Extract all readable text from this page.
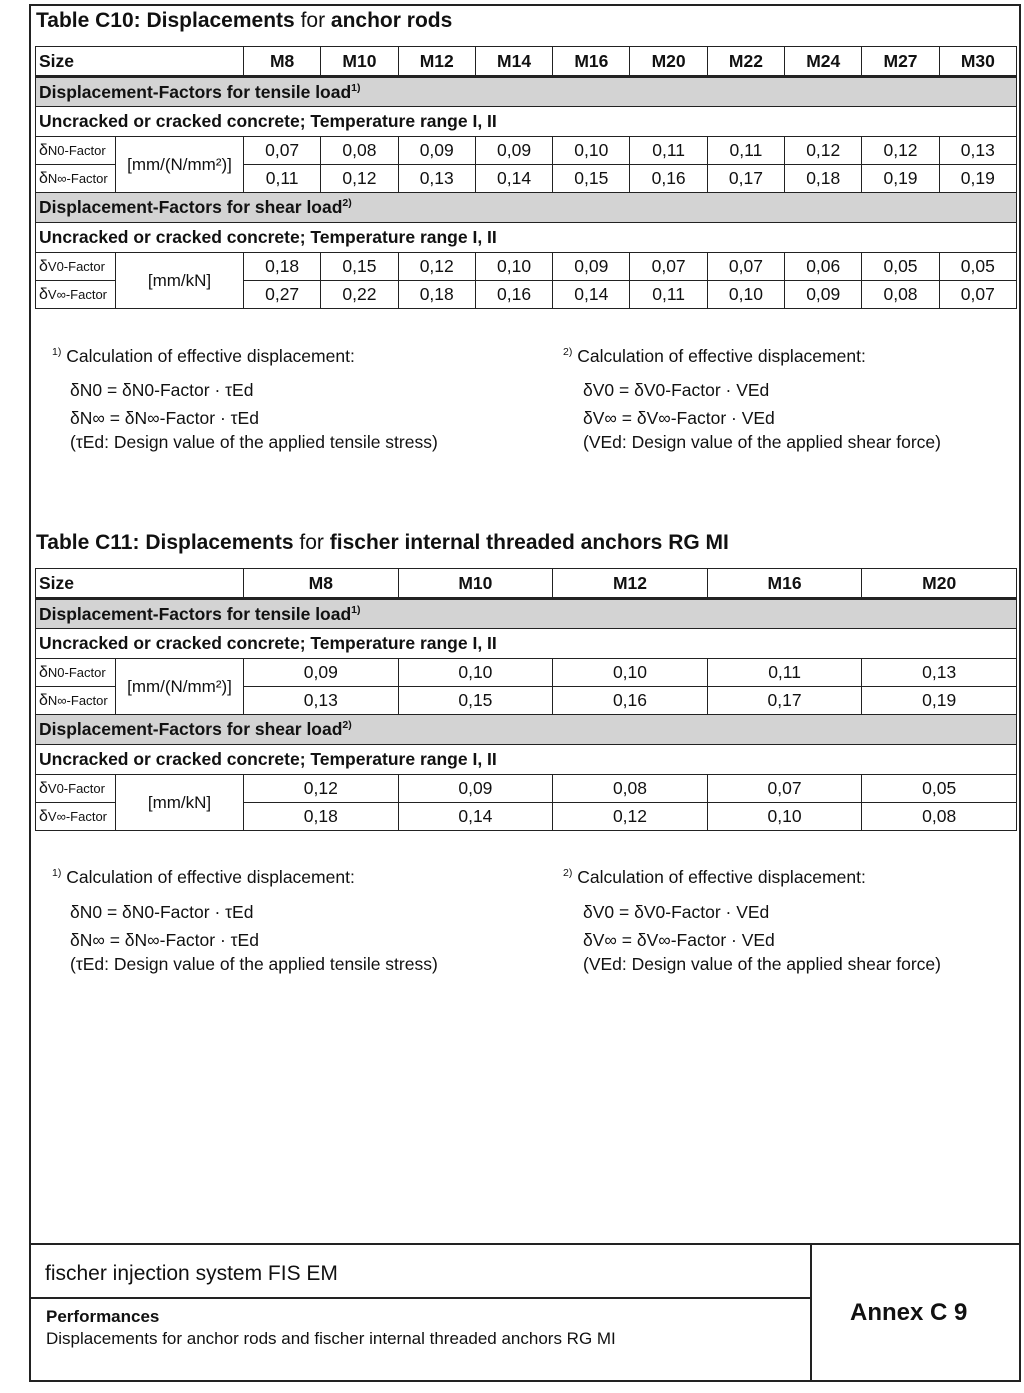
Table C10: Displacements for anchor rods
Size		M8	M10	M12	M14	M16	M20	M22	M24	M27	M30
Displacement-Factors for tensile load$^{1)}$
Uncracked or cracked concrete; Temperature range I, II											
δN0-Factor	[mm/(N/mm²)]	0,07	0,08	0,09	0,09	0,10	0,11	0,11	0,12	0,12	0,13
δN∞-Factor		0,11	0,12	0,13	0,14	0,15	0,16	0,17	0,18	0,19	0,19
Displacement-Factors for shear load$^{2)}$
Uncracked or cracked concrete; Temperature range I, II											
δV0-Factor	[mm/kN]	0,18	0,15	0,12	0,10	0,09	0,07	0,07	0,06	0,05	0,05
δV∞-Factor		0,27	0,22	0,18	0,16	0,14	0,11	0,10	0,09	0,08	0,07
$^{1)}$ Calculation of effective displacement:
δN0 = δN0-Factor · τEd
δN∞ = δN∞-Factor · τEd
(τEd: Design value of the applied tensile stress)
$^{2)}$ Calculation of effective displacement:
δV0 = δV0-Factor · VEd
δV∞ = δV∞-Factor · VEd
(VEd: Design value of the applied shear force)
Table C11: Displacements for fischer internal threaded anchors RG MI
Size		M8	M10	M12	M16	M20
Displacement-Factors for tensile load$^{1)}$
Uncracked or cracked concrete; Temperature range I, II						
δN0-Factor	[mm/(N/mm²)]	0,09	0,10	0,10	0,11	0,13
δN∞-Factor		0,13	0,15	0,16	0,17	0,19
Displacement-Factors for shear load$^{2)}$
Uncracked or cracked concrete; Temperature range I, II						
δV0-Factor	[mm/kN]	0,12	0,09	0,08	0,07	0,05
δV∞-Factor		0,18	0,14	0,12	0,10	0,08
$^{1)}$ Calculation of effective displacement:
δN0 = δN0-Factor · τEd
δN∞ = δN∞-Factor · τEd
(τEd: Design value of the applied tensile stress)
$^{2)}$ Calculation of effective displacement:
δV0 = δV0-Factor · VEd
δV∞ = δV∞-Factor · VEd
(VEd: Design value of the applied shear force)
fischer injection system FIS EM
Performances
Displacements for anchor rods and fischer internal threaded anchors RG MI
Annex C 9
